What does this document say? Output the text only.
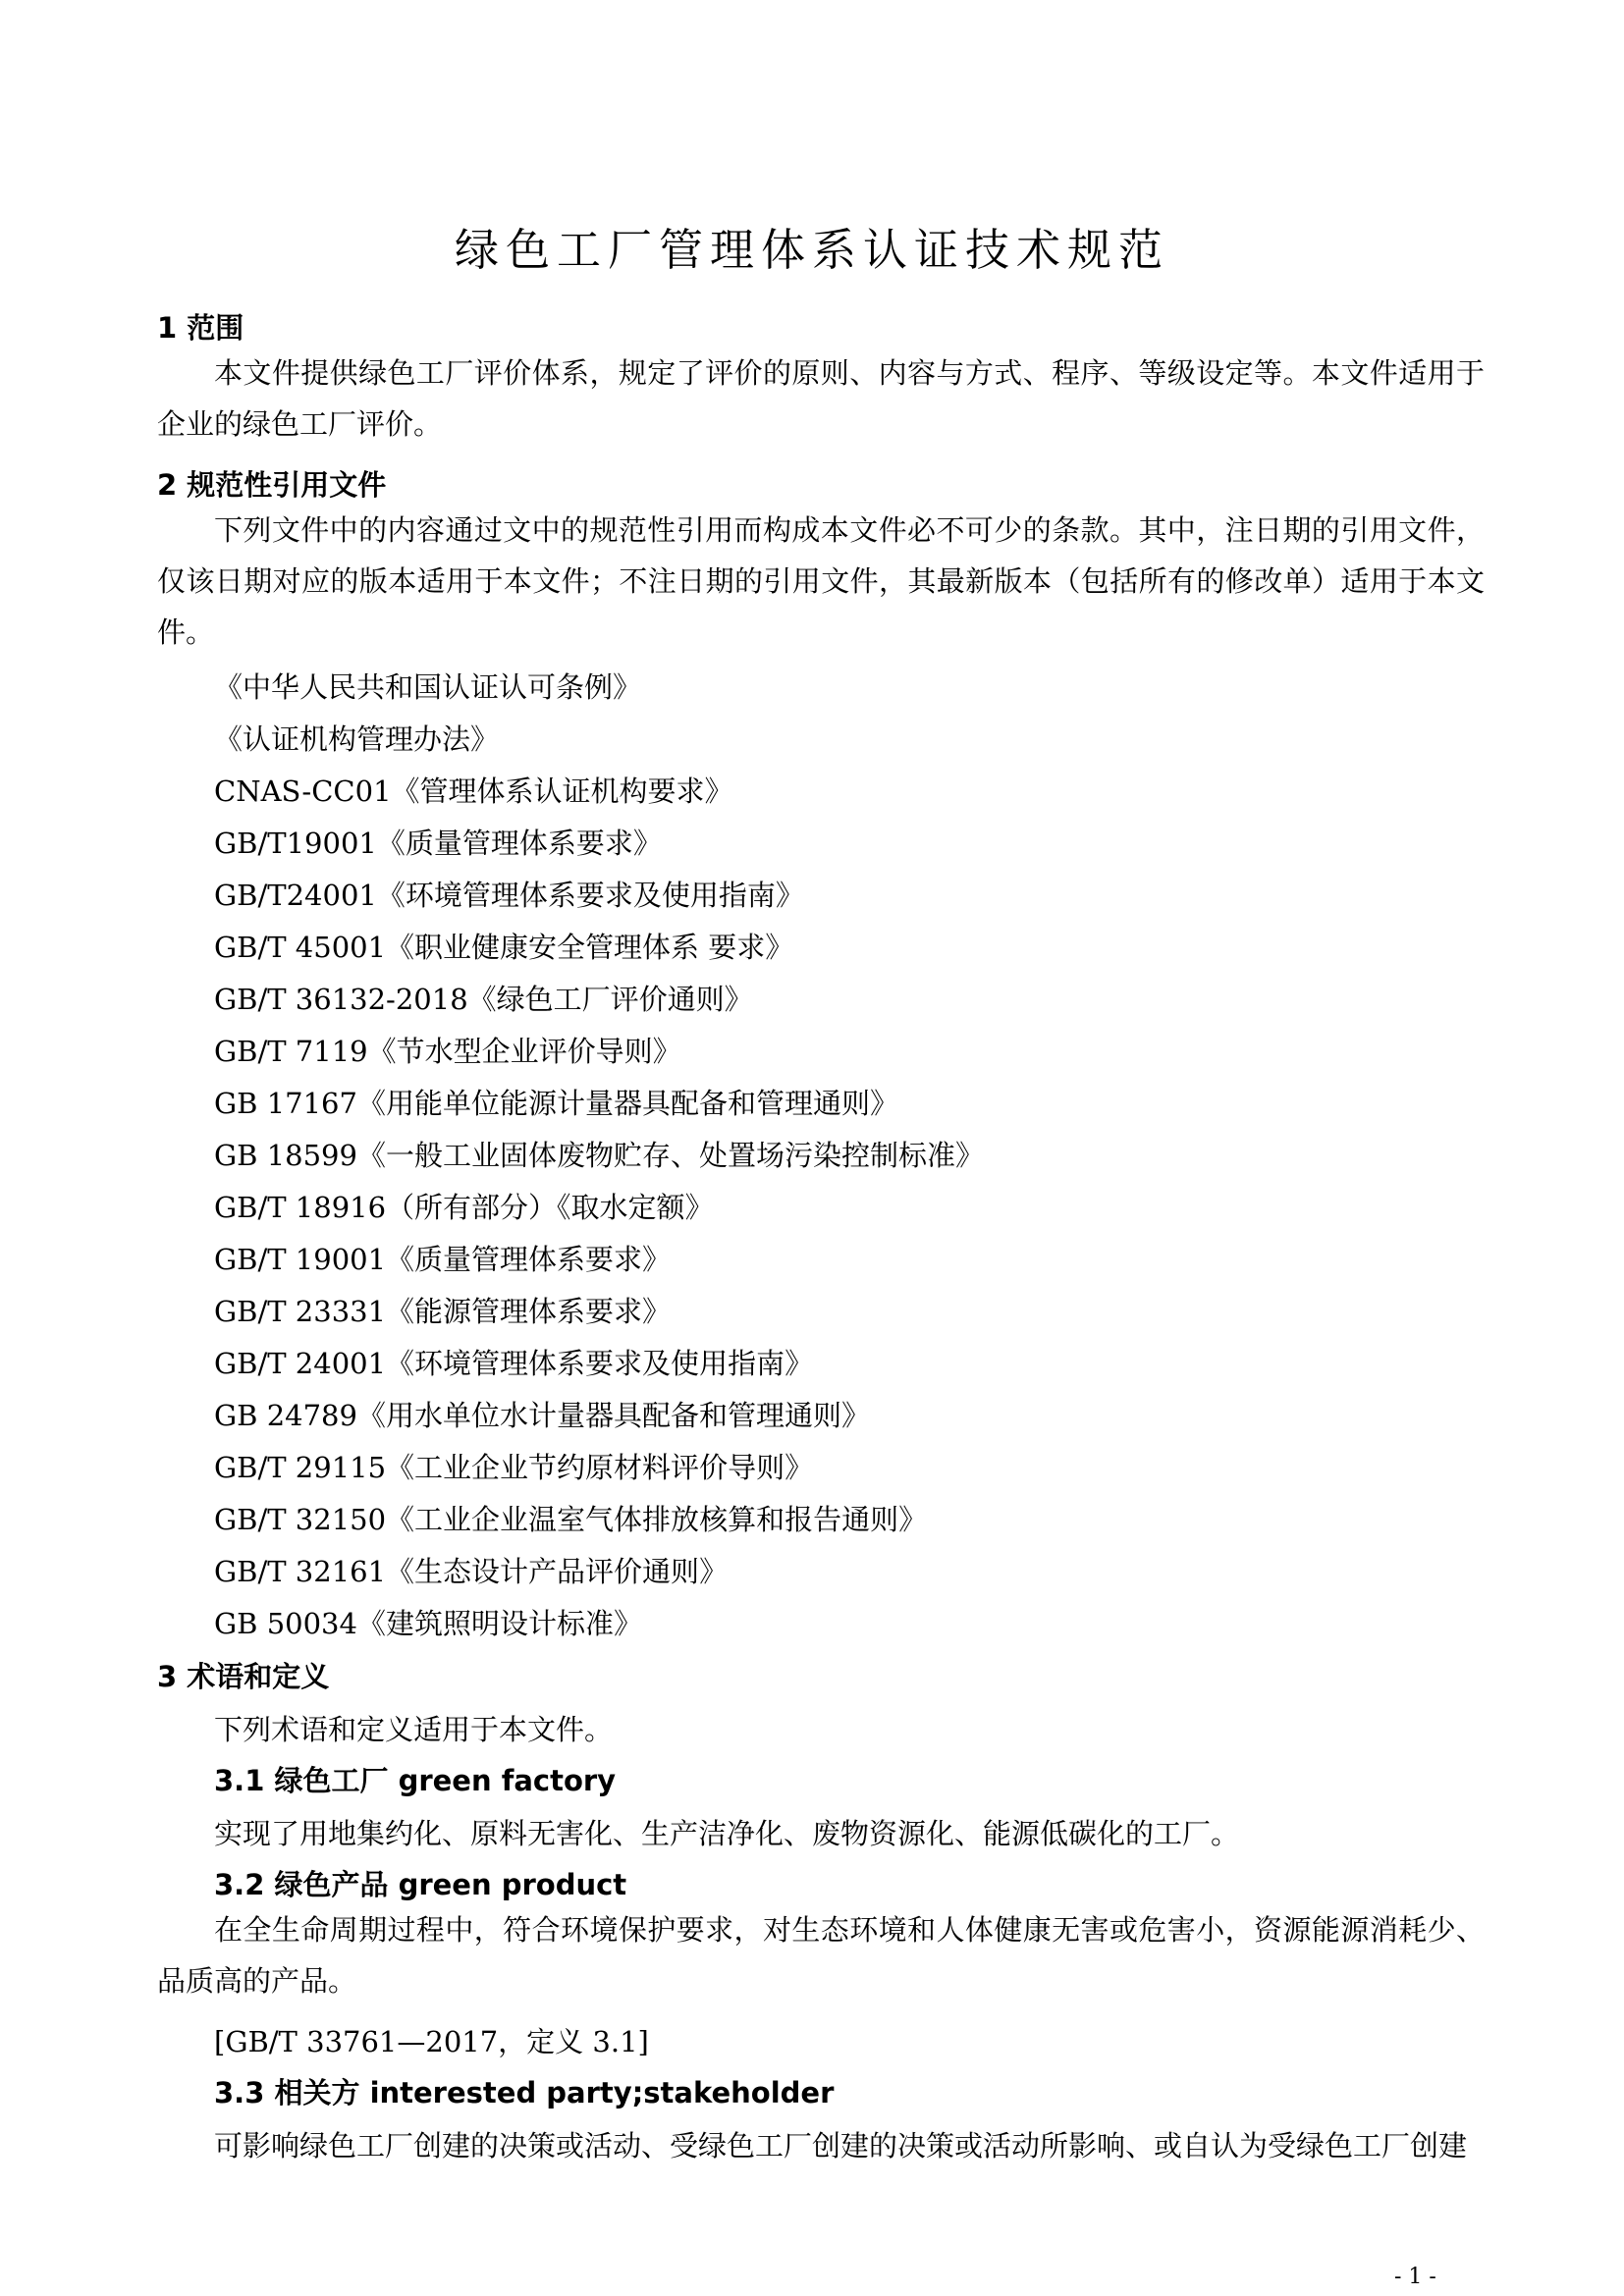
绿色工厂管理体系认证技术规范
1 范围

本文件提供绿色工厂评价体系，规定了评价的原则、内容与方式、程序、等级设定等。本文件适用于企业的绿色工厂评价。

2 规范性引用文件

下列文件中的内容通过文中的规范性引用而构成本文件必不可少的条款。其中，注日期的引用文件，仅该日期对应的版本适用于本文件；不注日期的引用文件，其最新版本（包括所有的修改单）适用于本文件。

《中华人民共和国认证认可条例》
《认证机构管理办法》
CNAS-CC01《管理体系认证机构要求》
GB/T19001《质量管理体系要求》
GB/T24001《环境管理体系要求及使用指南》
GB/T 45001《职业健康安全管理体系 要求》
GB/T 36132-2018《绿色工厂评价通则》
GB/T 7119《节水型企业评价导则》
GB 17167《用能单位能源计量器具配备和管理通则》
GB 18599《一般工业固体废物贮存、处置场污染控制标准》
GB/T 18916（所有部分）《取水定额》
GB/T 19001《质量管理体系要求》
GB/T 23331《能源管理体系要求》
GB/T 24001《环境管理体系要求及使用指南》
GB 24789《用水单位水计量器具配备和管理通则》
GB/T 29115《工业企业节约原材料评价导则》
GB/T 32150《工业企业温室气体排放核算和报告通则》
GB/T 32161《生态设计产品评价通则》
GB 50034《建筑照明设计标准》
3 术语和定义
下列术语和定义适用于本文件。
3.1 绿色工厂 green factory
实现了用地集约化、原料无害化、生产洁净化、废物资源化、能源低碳化的工厂。
3.2 绿色产品 green product

在全生命周期过程中，符合环境保护要求，对生态环境和人体健康无害或危害小，资源能源消耗少、品质高的产品。

[GB/T 33761—2017，定义 3.1]
3.3 相关方 interested party;stakeholder
可影响绿色工厂创建的决策或活动、受绿色工厂创建的决策或活动所影响、或自认为受绿色工厂创建
- 1 -
